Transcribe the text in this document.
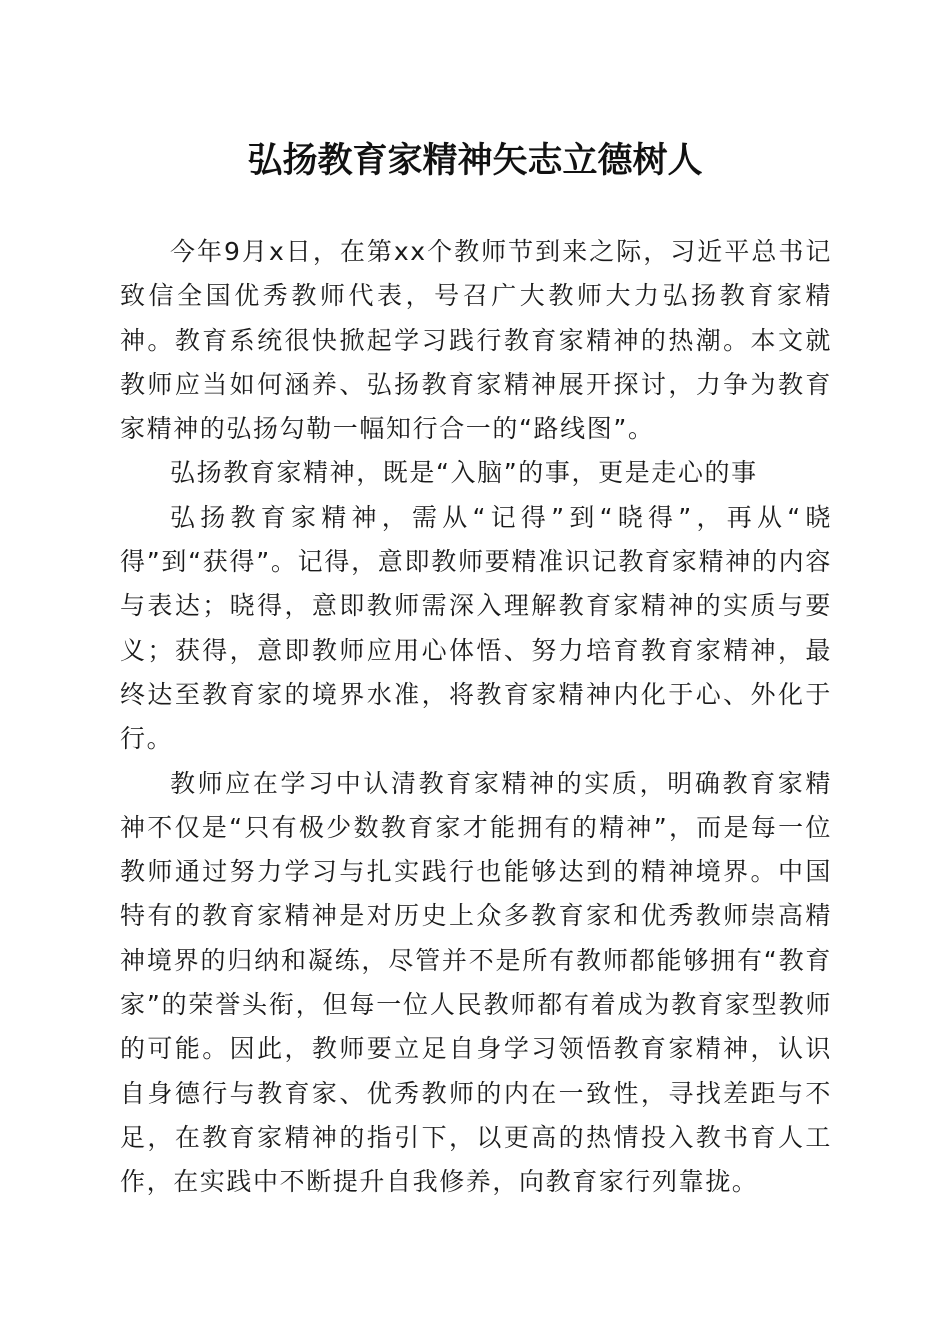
弘扬教育家精神矢志立德树人

今年9月x日，在第xx个教师节到来之际，习近平总书记致信全国优秀教师代表，号召广大教师大力弘扬教育家精神。教育系统很快掀起学习践行教育家精神的热潮。本文就教师应当如何涵养、弘扬教育家精神展开探讨，力争为教育家精神的弘扬勾勒一幅知行合一的“路线图”。

弘扬教育家精神，既是“入脑”的事，更是走心的事

弘扬教育家精神，需从“记得”到“晓得”，再从“晓得”到“获得”。记得，意即教师要精准识记教育家精神的内容与表达；晓得，意即教师需深入理解教育家精神的实质与要义；获得，意即教师应用心体悟、努力培育教育家精神，最终达至教育家的境界水准，将教育家精神内化于心、外化于行。

教师应在学习中认清教育家精神的实质，明确教育家精神不仅是“只有极少数教育家才能拥有的精神”，而是每一位教师通过努力学习与扎实践行也能够达到的精神境界。中国特有的教育家精神是对历史上众多教育家和优秀教师崇高精神境界的归纳和凝练，尽管并不是所有教师都能够拥有“教育家”的荣誉头衔，但每一位人民教师都有着成为教育家型教师的可能。因此，教师要立足自身学习领悟教育家精神，认识自身德行与教育家、优秀教师的内在一致性，寻找差距与不足，在教育家精神的指引下，以更高的热情投入教书育人工作，在实践中不断提升自我修养，向教育家行列靠拢。
